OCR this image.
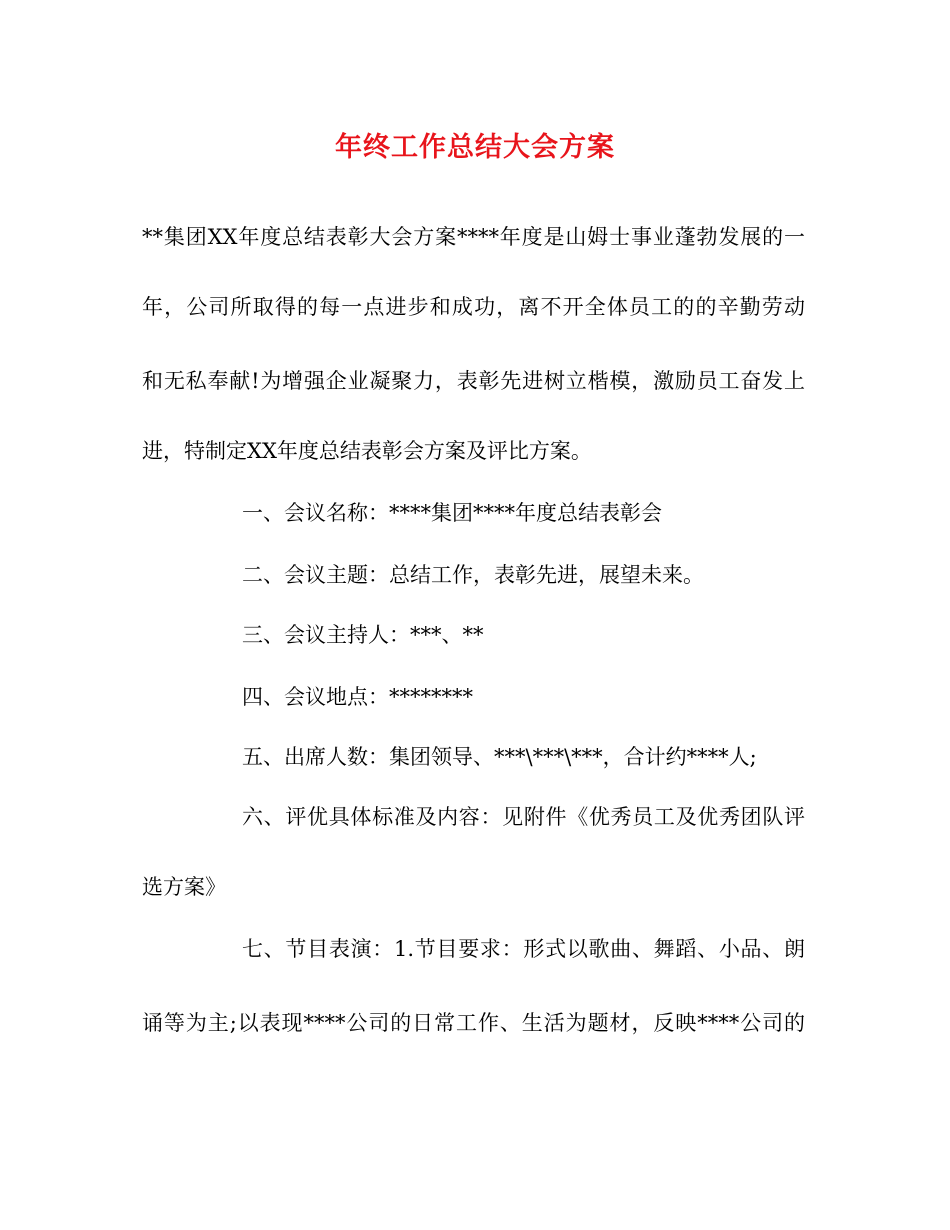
年终工作总结大会方案
**集团XX年度总结表彰大会方案****年度是山姆士事业蓬勃发展的一
年，公司所取得的每一点进步和成功，离不开全体员工的的辛勤劳动
和无私奉献!为增强企业凝聚力，表彰先进树立楷模，激励员工奋发上
进，特制定XX年度总结表彰会方案及评比方案。
一、会议名称：****集团****年度总结表彰会
二、会议主题：总结工作，表彰先进，展望未来。
三、会议主持人：***、**
四、会议地点：********
五、出席人数：集团领导、***\***\***，合计约****人;
六、评优具体标准及内容：见附件《优秀员工及优秀团队评
选方案》
七、节目表演：1.节目要求：形式以歌曲、舞蹈、小品、朗
诵等为主;以表现****公司的日常工作、生活为题材，反映****公司的
